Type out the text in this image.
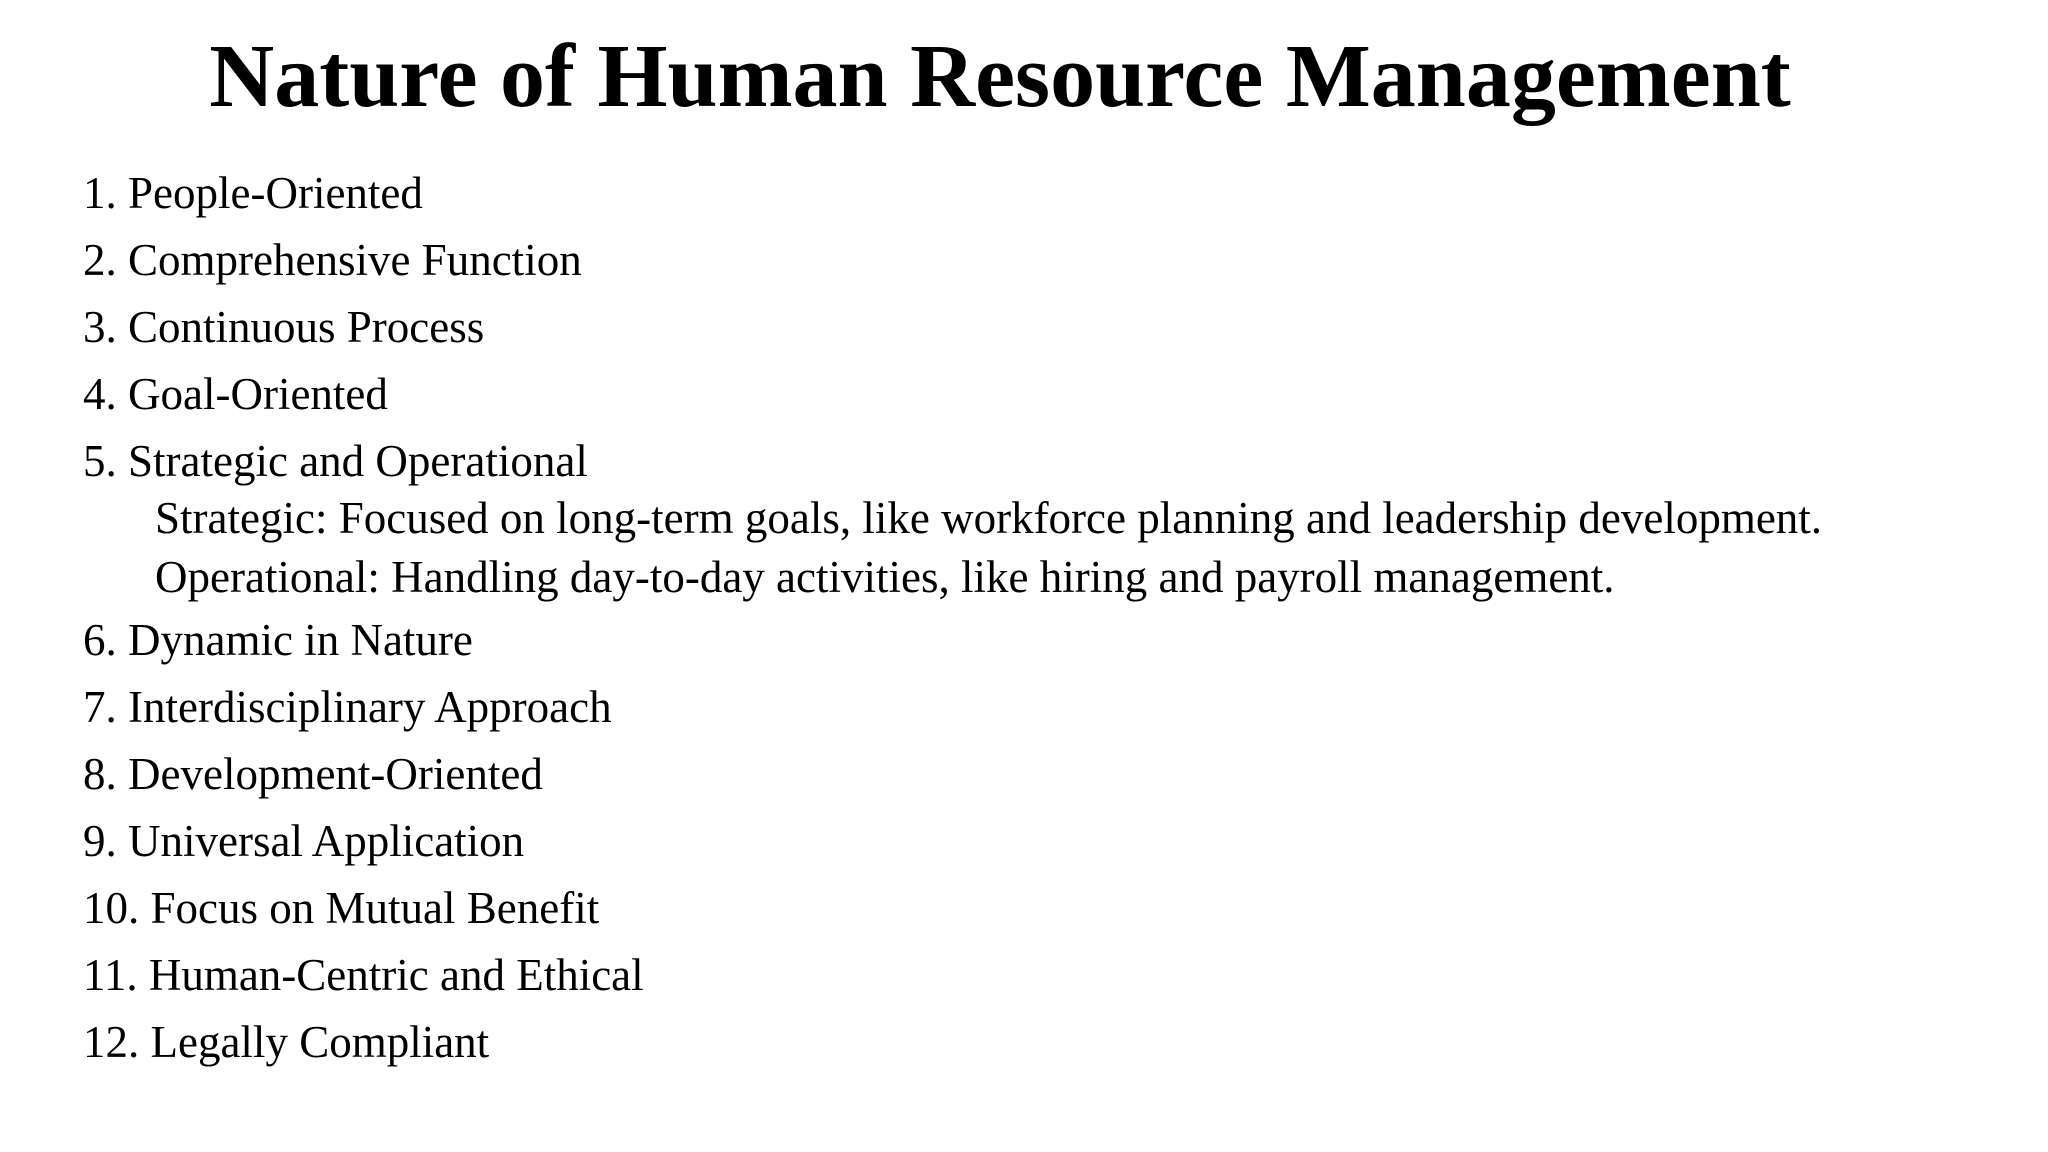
Nature of Human Resource Management
1. People-Oriented
2. Comprehensive Function
3. Continuous Process
4. Goal-Oriented
5. Strategic and Operational
Strategic: Focused on long-term goals, like workforce planning and leadership development.
Operational: Handling day-to-day activities, like hiring and payroll management.
6. Dynamic in Nature
7. Interdisciplinary Approach
8. Development-Oriented
9. Universal Application
10. Focus on Mutual Benefit
11. Human-Centric and Ethical
12. Legally Compliant
